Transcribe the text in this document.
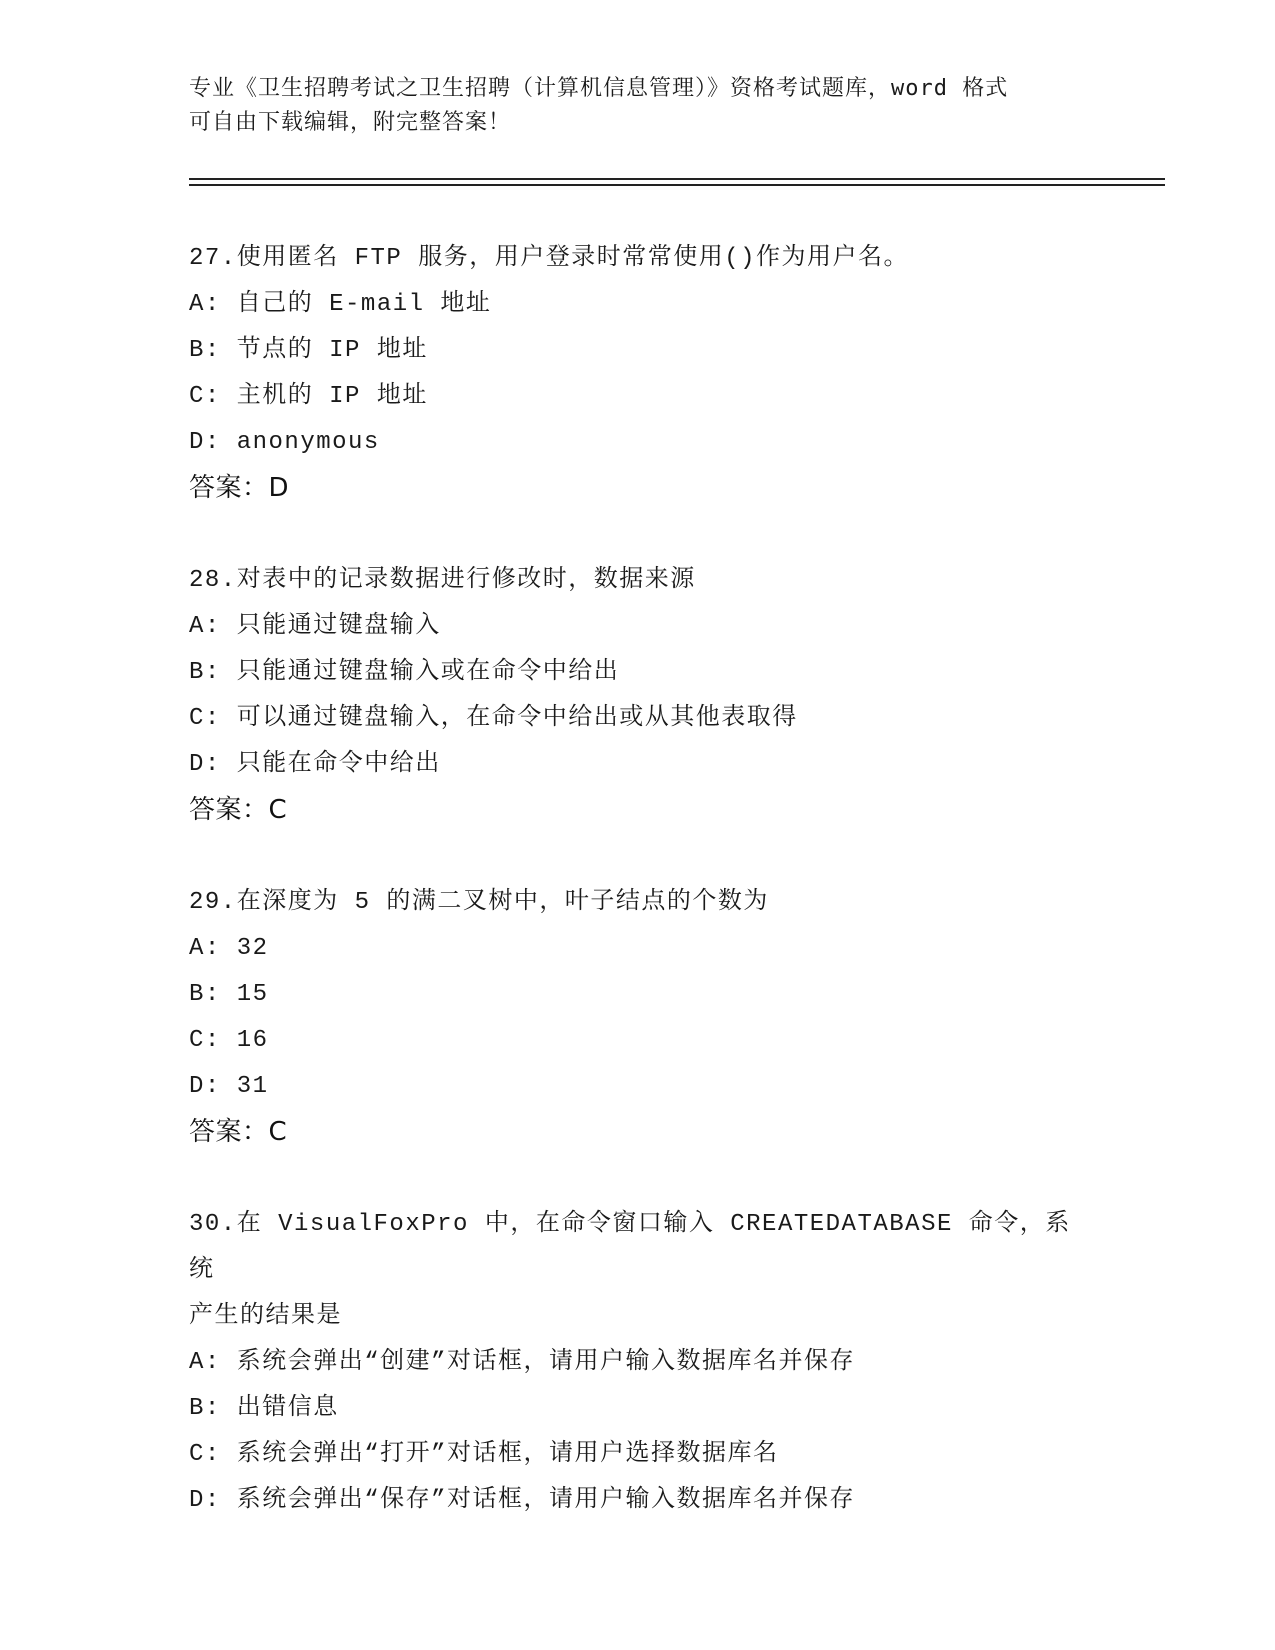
专业《卫生招聘考试之卫生招聘（计算机信息管理）》资格考试题库，word 格式
可自由下载编辑，附完整答案！
27.使用匿名 FTP 服务，用户登录时常常使用()作为用户名。
A: 自己的 E-mail 地址
B: 节点的 IP 地址
C: 主机的 IP 地址
D: anonymous
答案：D
28.对表中的记录数据进行修改时，数据来源
A: 只能通过键盘输入
B: 只能通过键盘输入或在命令中给出
C: 可以通过键盘输入，在命令中给出或从其他表取得
D: 只能在命令中给出
答案：C
29.在深度为 5 的满二叉树中，叶子结点的个数为
A: 32
B: 15
C: 16
D: 31
答案：C
30.在 VisualFoxPro 中，在命令窗口输入 CREATEDATABASE 命令，系统
产生的结果是
A: 系统会弹出“创建”对话框，请用户输入数据库名并保存
B: 出错信息
C: 系统会弹出“打开”对话框，请用户选择数据库名
D: 系统会弹出“保存”对话框，请用户输入数据库名并保存
